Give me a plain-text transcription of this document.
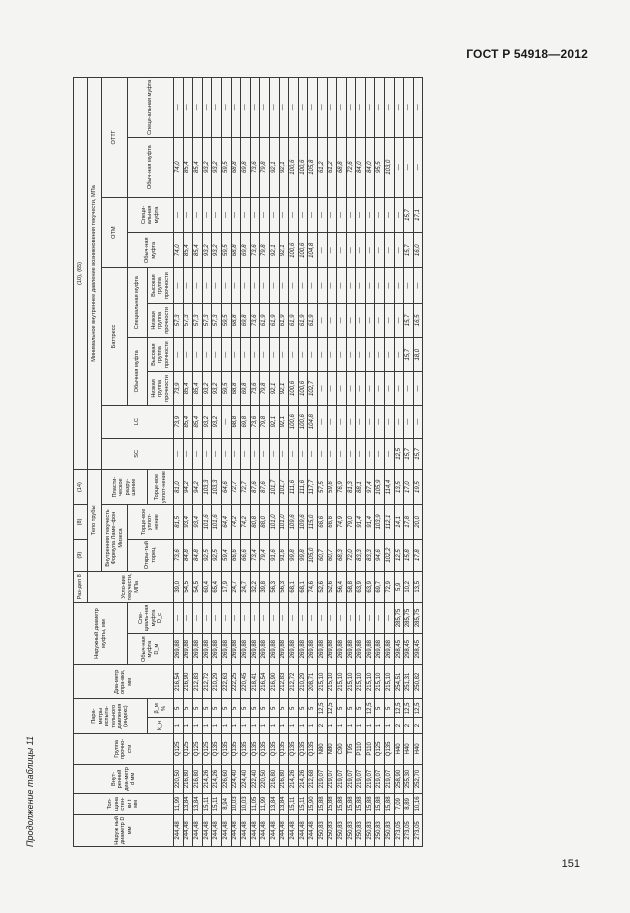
ГОСТ Р 54918—2012
Продолжение таблицы 11	Наруж ный диаметр D мм	Тол-щина стен-ки t мм	Внут-ренний диа-метр d мм	Группа прочно-сти	Пара-метры испыта-тельного давления (индекс)		Диа-метр опра-вки, мм	Наружный диаметр муфты, мм		Раз-дел 8	(9)	(8)	(14)	(10), (65)									
									Усло-вие текучести, МПа	Тело трубы			Минимальное внутреннее давление возникновения текучести, МПа									
										Внутренняя текучесть Формула Ламе–фон Мизеса		Пласти-ческое разру-шение	SC	LC	Баттресс				ОТМ		ОТТГ	
							Обыч-ная муфта D_м	Спе-циаль-ная муфта D_c		Откры-тый торец	Торце-вое уплот-нение				Обычная муфта		Специальная муфта		Обыч-ная муфта	Специ-альная муфта	Обыч-ная муфта	Специ-альная муфта
				k_н	β_м %							Торце-вое уплот-нение			Низкая группа прочности	Высокая группа прочности	Низкая группа прочности	Высокая группа прочности				
244,48	11,99	220,50	Q125	1	5	216,54	269,88	—	39,0	73,6	81,5	81,0	—	73,9	73,9	—	57,3	—	74,0	—	74,0	—
244,48	13,84	216,80	Q125	1	5	216,90	269,88	—	54,5	84,8	93,4	94,2	—	85,4	85,4	—	57,3	—	85,4	—	85,4	—
244,48	13,84	216,80	Q125	1	5	212,83	269,88	—	54,5	84,8	93,4	94,2	—	85,4	85,4	—	57,3	—	85,4	—	85,4	—
244,48	15,11	214,26	Q125	1	5	212,72	269,88	—	60,4	92,5	101,6	103,3	—	93,2	93,2	—	57,3	—	93,2	—	93,2	—
244,48	15,11	214,26	Q135	1	5	210,29	269,88	—	65,4	92,5	101,6	103,3	—	93,2	93,2	—	57,3	—	93,2	—	93,2	—
244,48	8,94	226,60	Q135	1	5	222,63	269,88	—	17,9	59,4	64,4	64,6	—	—	59,5	—	59,5	—	59,5	—	59,5	—
244,48	10,03	224,40	Q135	1	5	222,25	269,88	—	24,7	66,6	74,2	72,7	—	68,8	68,8	—	68,8	—	68,8	—	68,8	—
244,48	10,03	224,40	Q135	1	5	220,45	269,88	—	24,7	66,6	74,2	72,7	—	69,8	69,8	—	69,8	—	69,8	—	69,8	—
244,48	11,05	222,40	Q135	1	5	218,41	269,88	—	32,2	73,4	80,8	87,6	—	73,6	73,6	—	73,6	—	73,6	—	73,6	—
244,48	11,99	220,50	Q135	1	5	216,54	269,88	—	39,8	79,4	88,0	87,6	—	79,8	79,8	—	61,9	—	79,8	—	79,8	—
244,48	13,84	216,80	Q135	1	5	216,90	269,88	—	56,3	91,6	101,0	101,7	—	92,1	92,1	—	61,9	—	92,1	—	92,1	—
244,48	13,84	216,80	Q135	1	5	212,83	269,88	—	56,3	91,6	101,0	101,7	—	92,1	92,1	—	61,9	—	92,1	—	92,1	—
244,48	15,11	214,26	Q135	1	5	212,72	269,88	—	68,1	99,8	109,6	111,6	—	100,6	100,6	—	61,9	—	100,6	—	100,6	—
244,48	15,11	214,26	Q135	1	5	210,29	269,88	—	68,1	99,8	109,6	111,6	—	100,6	100,6	—	61,9	—	100,6	—	100,6	—
244,48	15,90	212,68	Q135	1	5	208,71	269,88	—	74,6	105,0	115,0	117,7	—	104,8	102,7	—	61,9	—	104,8	—	105,8	—
250,83	15,88	219,07	N80	2	12,5	215,10	269,88	—	52,6	60,7	66,6	57,5	—	—	—	—	—	—	—	—	61,2	—
250,83	15,88	219,07	N80	1	12,5	215,10	269,88	—	52,6	60,7	66,6	59,6	—	—	—	—	—	—	—	—	61,2	—
250,83	15,88	219,07	C90	1	5	215,10	269,88	—	56,4	68,3	74,9	76,9	—	—	—	—	—	—	—	—	68,8	—
250,83	15,88	219,07	T95	1	5	215,10	269,88	—	58,8	72,0	79,0	81,3	—	—	—	—	—	—	—	—	72,6	—
250,83	15,88	219,07	P110	1	5	215,10	269,88	—	63,9	83,3	91,4	88,1	—	—	—	—	—	—	—	—	84,0	—
250,83	15,88	219,07	P110	1	12,5	215,10	269,88	—	63,9	83,3	91,4	97,4	—	—	—	—	—	—	—	—	84,0	—
250,83	15,88	219,07	Q125	1	5	215,10	269,88	—	69,7	94,6	103,9	105,9	—	—	—	—	—	—	—	—	95,5	—
250,83	15,88	219,07	Q135	1	5	215,10	269,88	—	72,9	102,2	112,1	114,4	—	—	—	—	—	—	—	—	103,0	—
273,05	7,09	258,90	H40	2	12,5	254,51	298,45	285,75	5,9	12,5	14,1	13,5	12,5	—	—	—	—	—	—	—	—	—
273,05	8,89	255,30	H40	2	12,5	251,31	298,45	285,75	10,2	15,8	17,8	17,0	15,7	—	—	15,7	15,7	—	15,7	15,7	—	—
273,05	10,16	252,70	H40	2	12,5	250,82	298,45	285,75	13,5	17,8	20,0	19,5	15,7	—	—	18,0	16,5	—	16,0	17,1	—	—
151
